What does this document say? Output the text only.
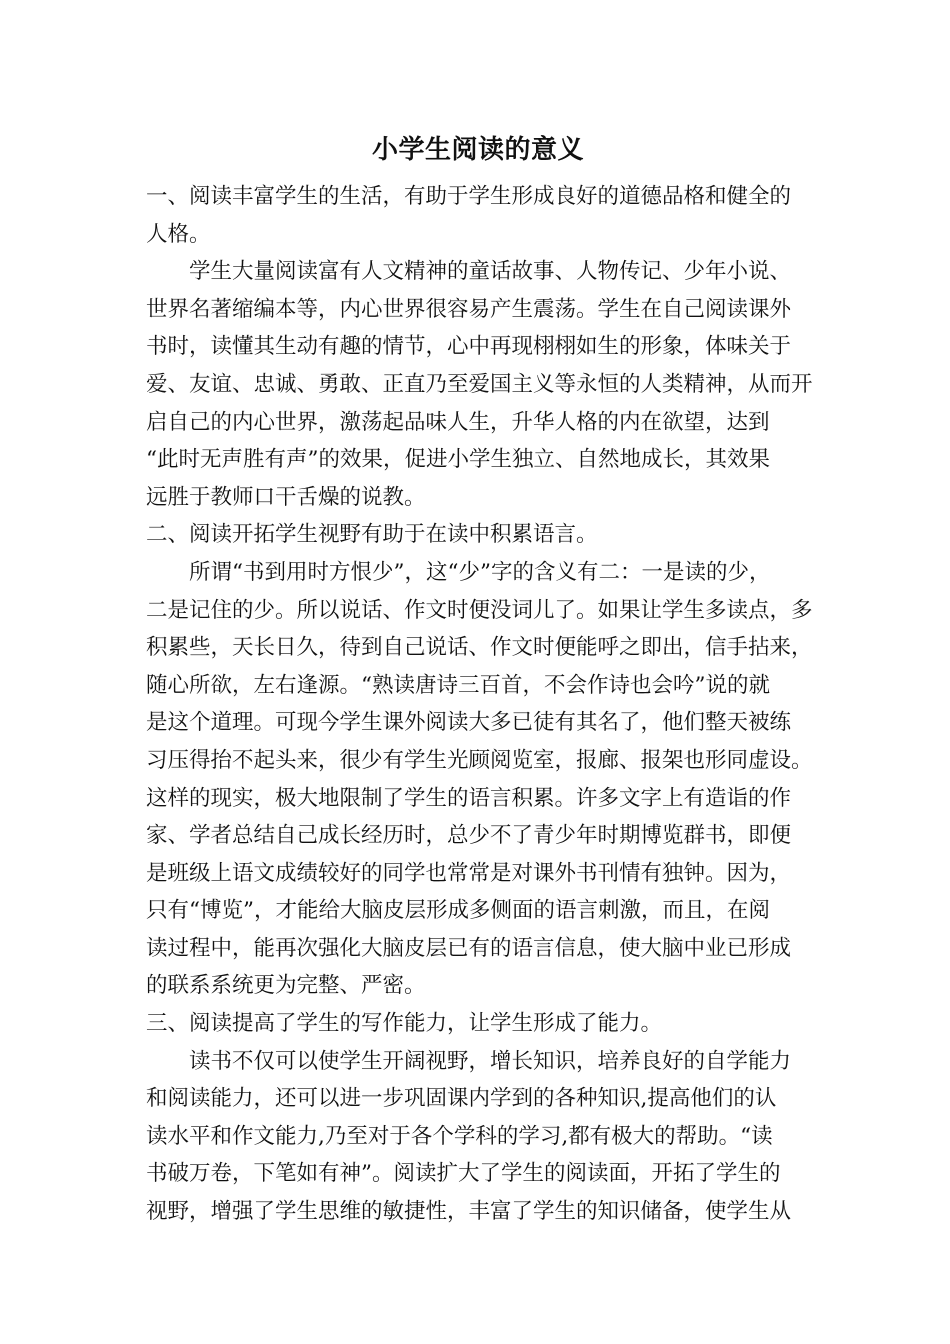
小学生阅读的意义

一、阅读丰富学生的生活，有助于学生形成良好的道德品格和健全的

人格。

学生大量阅读富有人文精神的童话故事、人物传记、少年小说、

世界名著缩编本等，内心世界很容易产生震荡。学生在自己阅读课外

书时，读懂其生动有趣的情节，心中再现栩栩如生的形象，体味关于

爱、友谊、忠诚、勇敢、正直乃至爱国主义等永恒的人类精神，从而开

启自己的内心世界，激荡起品味人生，升华人格的内在欲望，达到

“此时无声胜有声”的效果，促进小学生独立、自然地成长，其效果

远胜于教师口干舌燥的说教。

二、阅读开拓学生视野有助于在读中积累语言。

所谓“书到用时方恨少”，这“少”字的含义有二：一是读的少，

二是记住的少。所以说话、作文时便没词儿了。如果让学生多读点，多

积累些，天长日久，待到自己说话、作文时便能呼之即出，信手拈来，

随心所欲，左右逢源。“熟读唐诗三百首，不会作诗也会吟”说的就

是这个道理。可现今学生课外阅读大多已徒有其名了，他们整天被练

习压得抬不起头来，很少有学生光顾阅览室，报廊、报架也形同虚设。

这样的现实，极大地限制了学生的语言积累。许多文字上有造诣的作

家、学者总结自己成长经历时，总少不了青少年时期博览群书，即便

是班级上语文成绩较好的同学也常常是对课外书刊情有独钟。因为，

只有“博览”，才能给大脑皮层形成多侧面的语言刺激，而且，在阅

读过程中，能再次强化大脑皮层已有的语言信息，使大脑中业已形成

的联系系统更为完整、严密。

三、阅读提高了学生的写作能力，让学生形成了能力。

读书不仅可以使学生开阔视野，增长知识，培养良好的自学能力

和阅读能力，还可以进一步巩固课内学到的各种知识,提高他们的认

读水平和作文能力,乃至对于各个学科的学习,都有极大的帮助。“读

书破万卷，下笔如有神”。阅读扩大了学生的阅读面，开拓了学生的

视野，增强了学生思维的敏捷性，丰富了学生的知识储备，使学生从
